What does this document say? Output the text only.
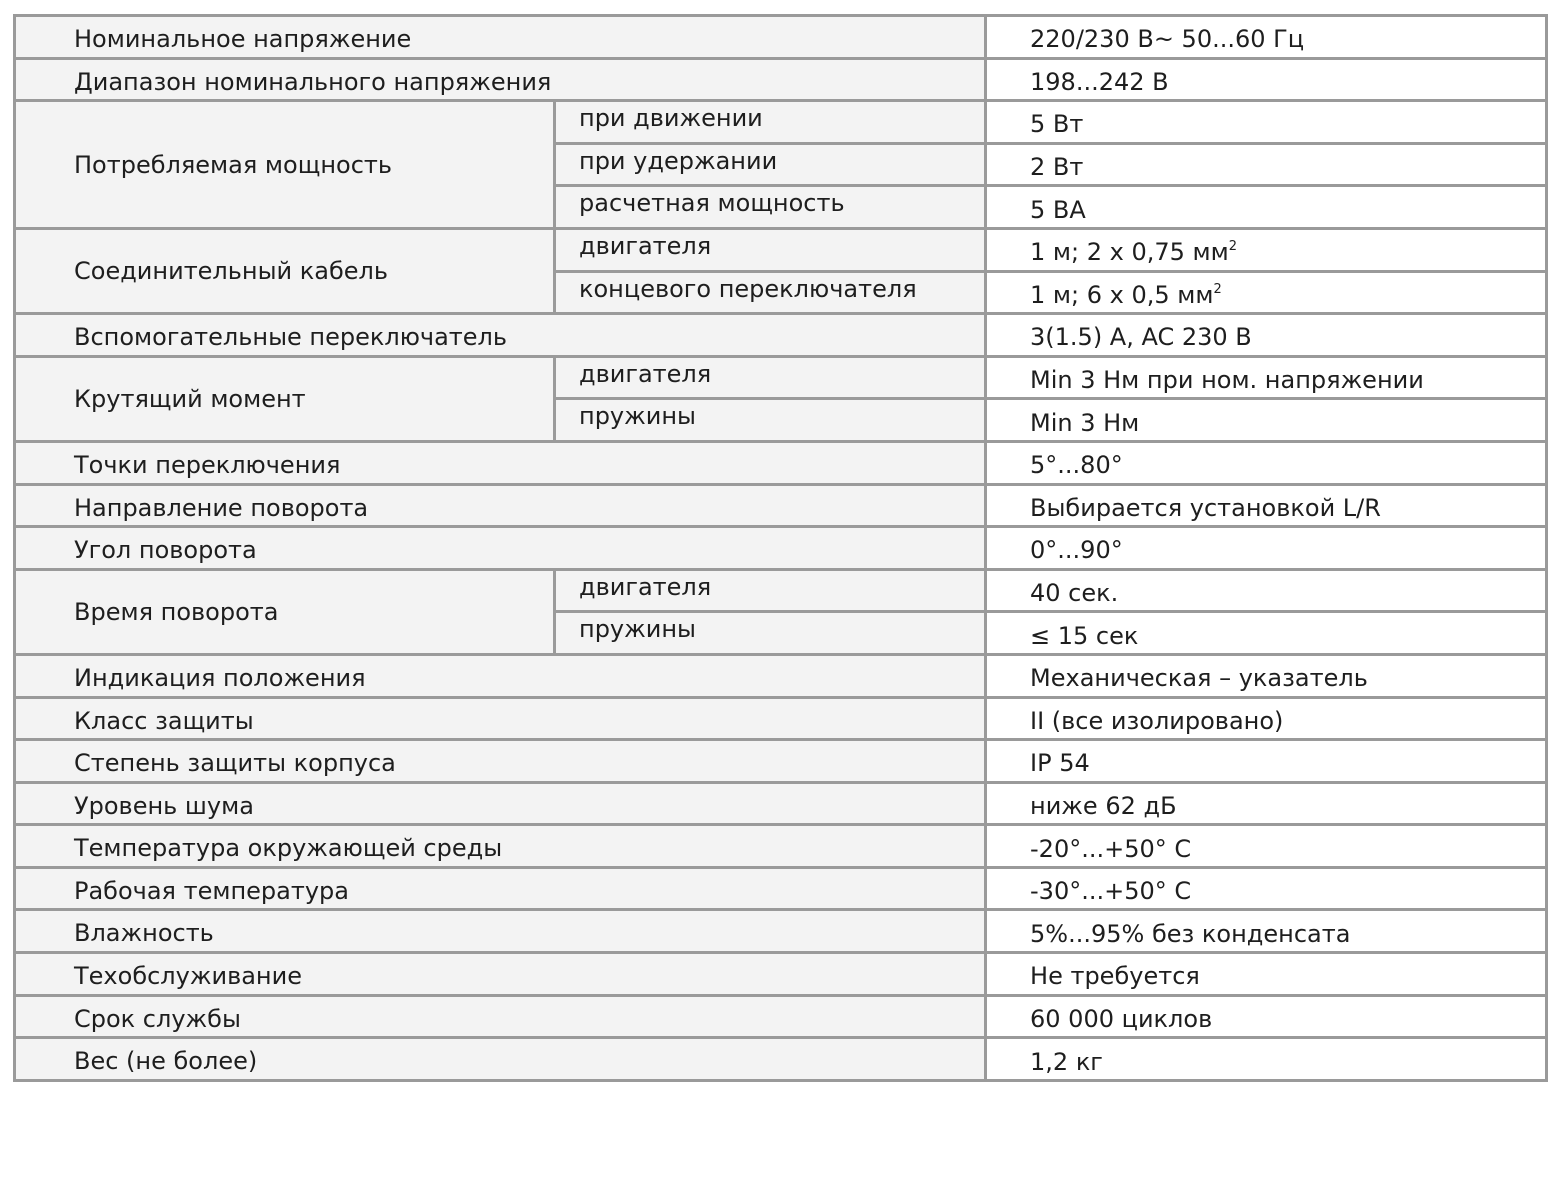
Номинальное напряжение		220/230 В~ 50...60 Гц
Диапазон номинального напряжения		198...242 В
Потребляемая мощность	при движении	5 Вт
	при удержании	2 Вт
	расчетная мощность	5 ВА
Соединительный кабель	двигателя	1 м; 2 х 0,75 $мм^2$
	концевого переключателя	1 м; 6 х 0,5 $мм^2$
Вспомогательные переключатель		3(1.5) A, AC 230 В
Крутящий момент	двигателя	Min 3 Нм при ном. напряжении
	пружины	Min 3 Нм
Точки переключения		5°...80°
Направление поворота		Выбирается установкой L/R
Угол поворота		0°...90°
Время поворота	двигателя	40 сек.
	пружины	≤ 15 сек
Индикация положения		Механическая – указатель
Класс защиты		II (все изолировано)
Степень защиты корпуса		IP 54
Уровень шума		ниже 62 дБ
Температура окружающей среды		-20°...+50° C
Рабочая температура		-30°...+50° C
Влажность		5%...95% без конденсата
Техобслуживание		Не требуется
Срок службы		60 000 циклов
Вес (не более)		1,2 кг
